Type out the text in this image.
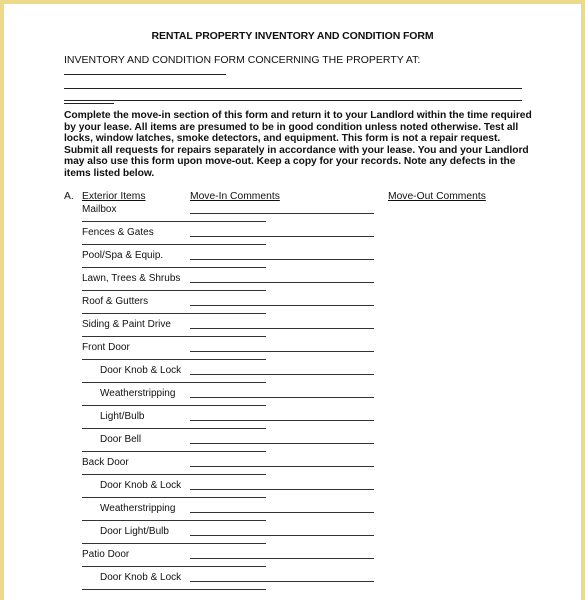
RENTAL PROPERTY INVENTORY AND CONDITION FORM
INVENTORY AND CONDITION FORM CONCERNING THE PROPERTY AT:
Complete the move-in section of this form and return it to your Landlord within the time required
by your lease. All items are presumed to be in good condition unless noted otherwise. Test all
locks, window latches, smoke detectors, and equipment. This form is not a repair request.
Submit all requests for repairs separately in accordance with your lease. You and your Landlord
may also use this form upon move-out. Keep a copy for your records. Note any defects in the
items listed below.
A. Exterior Items	Move-In Comments	Move-Out Comments
Mailbox
Fences & Gates
Pool/Spa & Equip.
Lawn, Trees & Shrubs
Roof & Gutters
Siding & Paint Drive
Front Door
Door Knob & Lock
Weatherstripping
Light/Bulb
Door Bell
Back Door
Door Knob & Lock
Weatherstripping
Door Light/Bulb
Patio Door
Door Knob & Lock
